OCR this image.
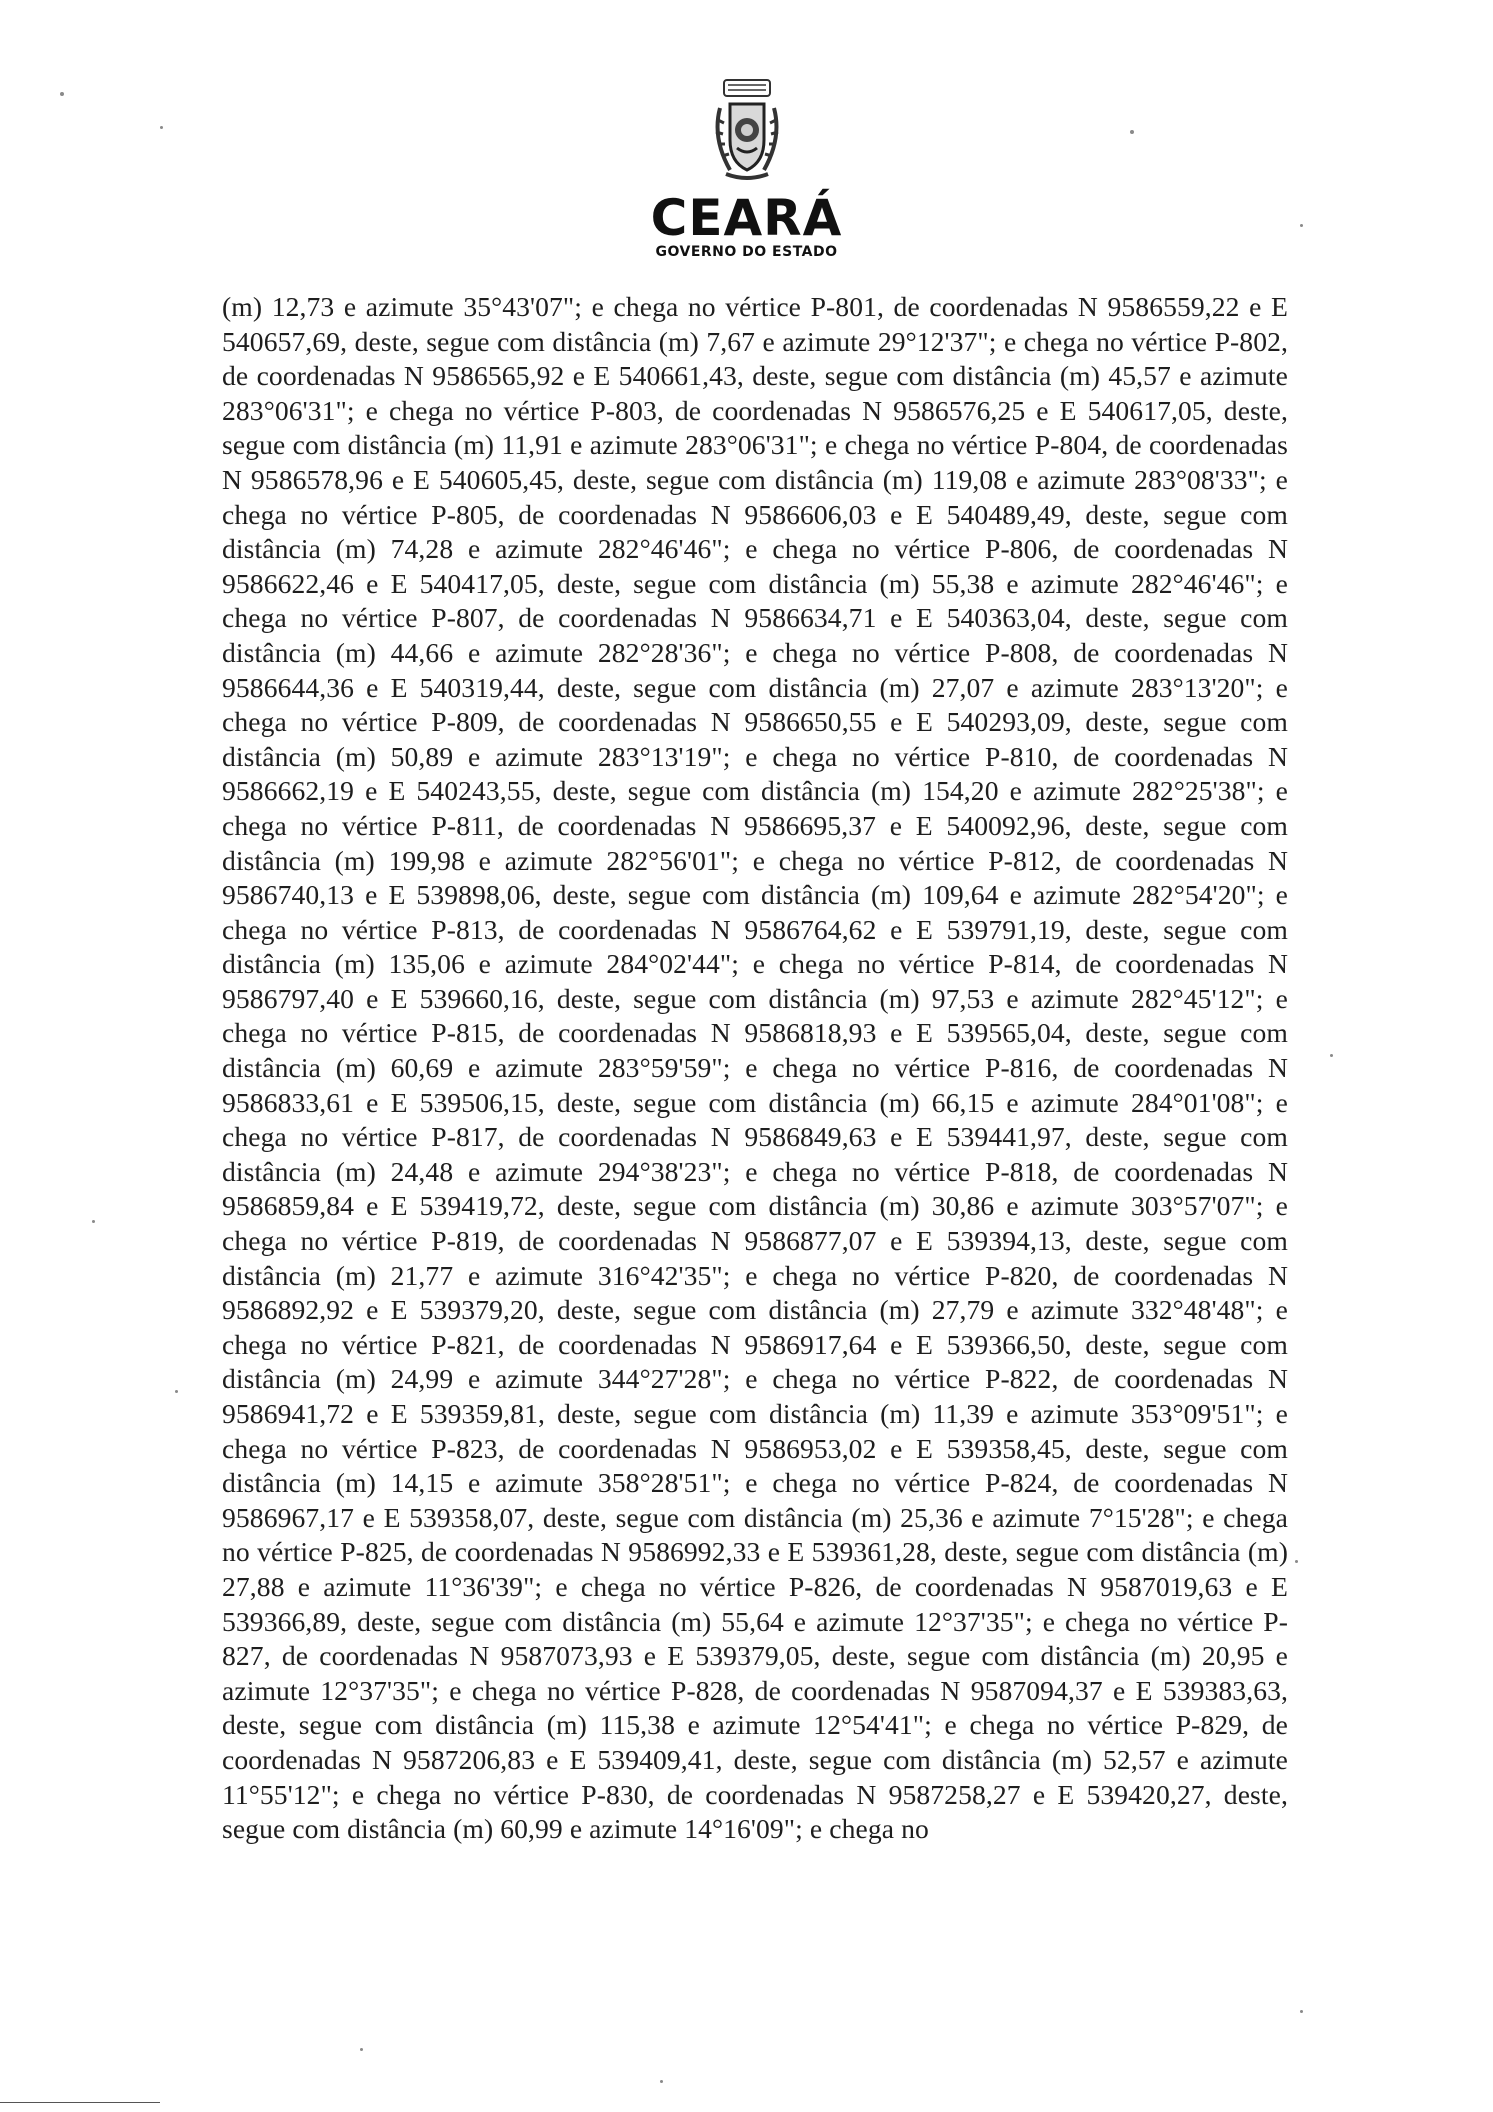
CEARÁ
GOVERNO DO ESTADO

(m) 12,73 e azimute 35°43'07"; e chega no vértice P-801, de coordenadas N 9586559,22 e E 540657,69, deste, segue com distância (m) 7,67 e azimute 29°12'37"; e chega no vértice P-802, de coordenadas N 9586565,92 e E 540661,43, deste, segue com distância (m) 45,57 e azimute 283°06'31"; e chega no vértice P-803, de coordenadas N 9586576,25 e E 540617,05, deste, segue com distância (m) 11,91 e azimute 283°06'31"; e chega no vértice P-804, de coordenadas N 9586578,96 e E 540605,45, deste, segue com distância (m) 119,08 e azimute 283°08'33"; e chega no vértice P-805, de coordenadas N 9586606,03 e E 540489,49, deste, segue com distância (m) 74,28 e azimute 282°46'46"; e chega no vértice P-806, de coordenadas N 9586622,46 e E 540417,05, deste, segue com distância (m) 55,38 e azimute 282°46'46"; e chega no vértice P-807, de coordenadas N 9586634,71 e E 540363,04, deste, segue com distância (m) 44,66 e azimute 282°28'36"; e chega no vértice P-808, de coordenadas N 9586644,36 e E 540319,44, deste, segue com distância (m) 27,07 e azimute 283°13'20"; e chega no vértice P-809, de coordenadas N 9586650,55 e E 540293,09, deste, segue com distância (m) 50,89 e azimute 283°13'19"; e chega no vértice P-810, de coordenadas N 9586662,19 e E 540243,55, deste, segue com distância (m) 154,20 e azimute 282°25'38"; e chega no vértice P-811, de coordenadas N 9586695,37 e E 540092,96, deste, segue com distância (m) 199,98 e azimute 282°56'01"; e chega no vértice P-812, de coordenadas N 9586740,13 e E 539898,06, deste, segue com distância (m) 109,64 e azimute 282°54'20"; e chega no vértice P-813, de coordenadas N 9586764,62 e E 539791,19, deste, segue com distância (m) 135,06 e azimute 284°02'44"; e chega no vértice P-814, de coordenadas N 9586797,40 e E 539660,16, deste, segue com distância (m) 97,53 e azimute 282°45'12"; e chega no vértice P-815, de coordenadas N 9586818,93 e E 539565,04, deste, segue com distância (m) 60,69 e azimute 283°59'59"; e chega no vértice P-816, de coordenadas N 9586833,61 e E 539506,15, deste, segue com distância (m) 66,15 e azimute 284°01'08"; e chega no vértice P-817, de coordenadas N 9586849,63 e E 539441,97, deste, segue com distância (m) 24,48 e azimute 294°38'23"; e chega no vértice P-818, de coordenadas N 9586859,84 e E 539419,72, deste, segue com distância (m) 30,86 e azimute 303°57'07"; e chega no vértice P-819, de coordenadas N 9586877,07 e E 539394,13, deste, segue com distância (m) 21,77 e azimute 316°42'35"; e chega no vértice P-820, de coordenadas N 9586892,92 e E 539379,20, deste, segue com distância (m) 27,79 e azimute 332°48'48"; e chega no vértice P-821, de coordenadas N 9586917,64 e E 539366,50, deste, segue com distância (m) 24,99 e azimute 344°27'28"; e chega no vértice P-822, de coordenadas N 9586941,72 e E 539359,81, deste, segue com distância (m) 11,39 e azimute 353°09'51"; e chega no vértice P-823, de coordenadas N 9586953,02 e E 539358,45, deste, segue com distância (m) 14,15 e azimute 358°28'51"; e chega no vértice P-824, de coordenadas N 9586967,17 e E 539358,07, deste, segue com distância (m) 25,36 e azimute 7°15'28"; e chega no vértice P-825, de coordenadas N 9586992,33 e E 539361,28, deste, segue com distância (m) 27,88 e azimute 11°36'39"; e chega no vértice P-826, de coordenadas N 9587019,63 e E 539366,89, deste, segue com distância (m) 55,64 e azimute 12°37'35"; e chega no vértice P-827, de coordenadas N 9587073,93 e E 539379,05, deste, segue com distância (m) 20,95 e azimute 12°37'35"; e chega no vértice P-828, de coordenadas N 9587094,37 e E 539383,63, deste, segue com distância (m) 115,38 e azimute 12°54'41"; e chega no vértice P-829, de coordenadas N 9587206,83 e E 539409,41, deste, segue com distância (m) 52,57 e azimute 11°55'12"; e chega no vértice P-830, de coordenadas N 9587258,27 e E 539420,27, deste, segue com distância (m) 60,99 e azimute 14°16'09"; e chega no
